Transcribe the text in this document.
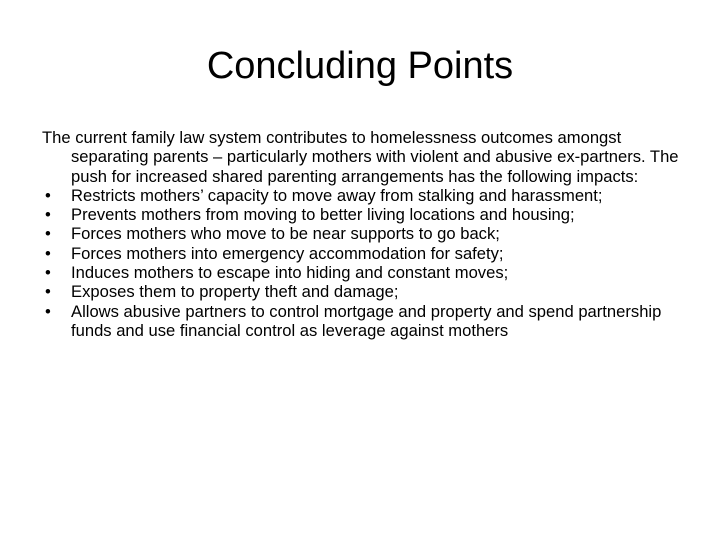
Concluding Points

The current family law system contributes to homelessness outcomes amongst separating parents – particularly mothers with violent and abusive ex-partners. The push for increased shared parenting arrangements has the following impacts:

• Restricts mothers’ capacity to move away from stalking and harassment;
• Prevents mothers from moving to better living locations and housing;
• Forces mothers who move to be near supports to go back;
• Forces mothers into emergency accommodation for safety;
• Induces mothers to escape into hiding and constant moves;
• Exposes them to property theft and damage;
• Allows abusive partners to control mortgage and property and spend partnership funds and use financial control as leverage against mothers
